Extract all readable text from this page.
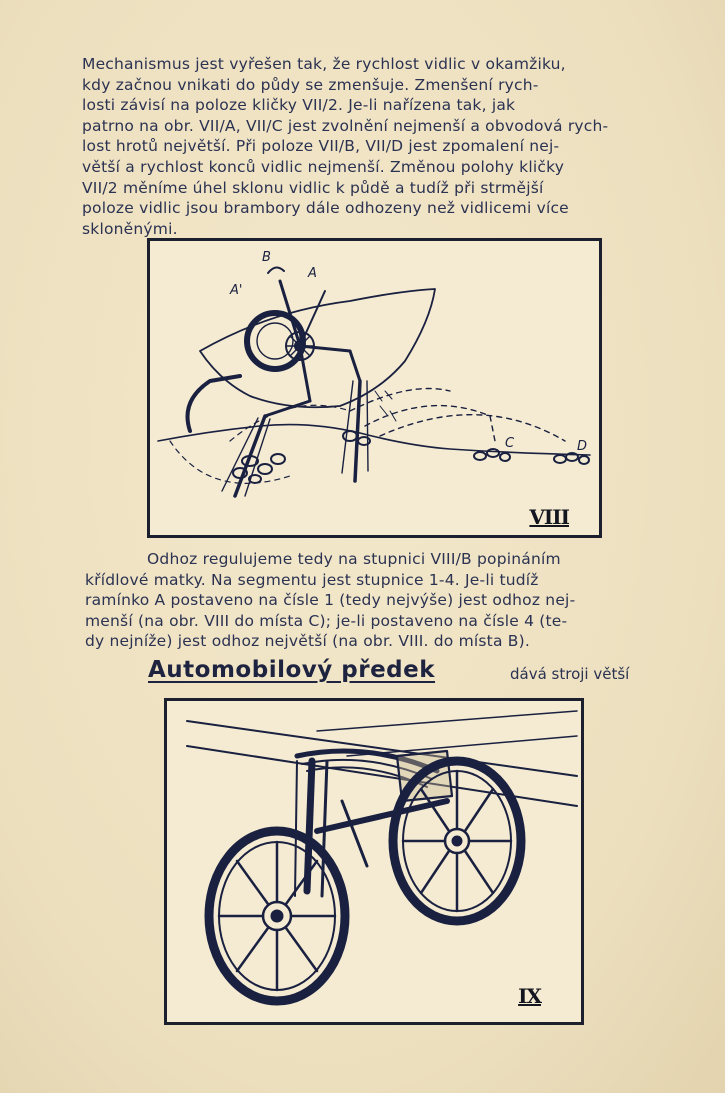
Mechanismus jest vyřešen tak, že rychlost vidlic v okamžiku,
kdy začnou vnikati do půdy se zmenšuje. Zmenšení rych-
losti závisí na poloze kličky VII/2. Je-li nařízena tak, jak
patrno na obr. VII/A, VII/C jest zvolnění nejmenší a obvodová rych-
lost hrotů největší. Při poloze VII/B, VII/D jest zpomalení nej-
větší a rychlost konců vidlic nejmenší. Změnou polohy kličky
VII/2 měníme úhel sklonu vidlic k půdě a tudíž při strmější
poloze vidlic jsou brambory dále odhozeny než vidlicemi více
skloněnými.

B
A
A'
C	D
VIII

Odhoz regulujeme tedy na stupnici VIII/B popináním
křídlové matky. Na segmentu jest stupnice 1-4. Je-li tudíž
ramínko A postaveno na čísle 1 (tedy nejvýše) jest odhoz nej-
menší (na obr. VIII do místa C); je-li postaveno na čísle 4 (te-
dy nejníže) jest odhoz největší (na obr. VIII. do místa B).

Automobilový předek	dává stroji větší
IX
